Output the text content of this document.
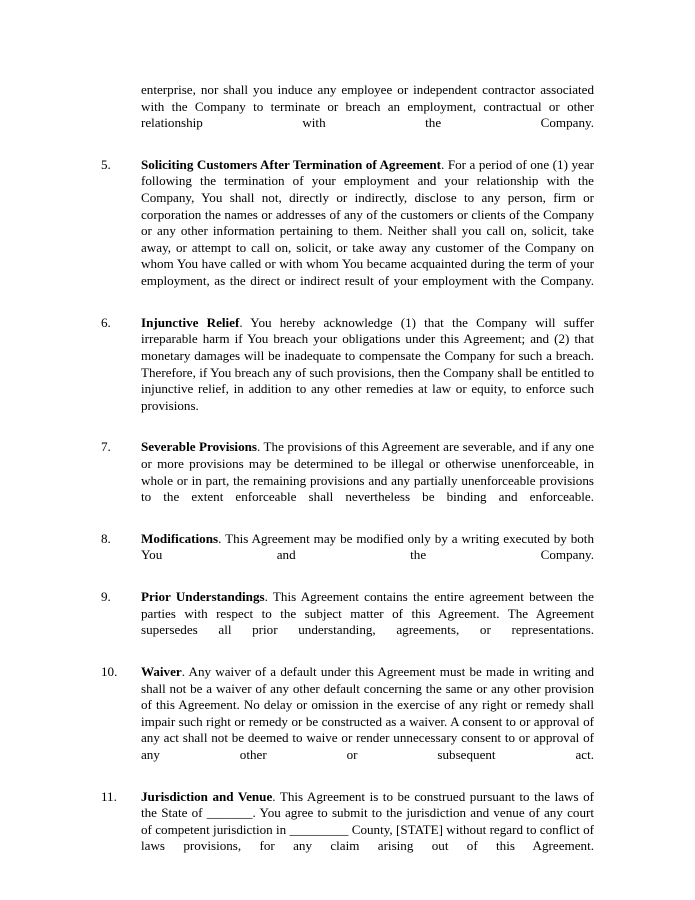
enterprise, nor shall you induce any employee or independent contractor associated with the Company to terminate or breach an employment, contractual or other relationship with the Company.

5.	Soliciting Customers After Termination of Agreement. For a period of one (1) year following the termination of your employment and your relationship with the Company, You shall not, directly or indirectly, disclose to any person, firm or corporation the names or addresses of any of the customers or clients of the Company or any other information pertaining to them. Neither shall you call on, solicit, take away, or attempt to call on, solicit, or take away any customer of the Company on whom You have called or with whom You became acquainted during the term of your employment, as the direct or indirect result of your employment with the Company.
6.	Injunctive Relief. You hereby acknowledge (1) that the Company will suffer irreparable harm if You breach your obligations under this Agreement; and (2) that monetary damages will be inadequate to compensate the Company for such a breach. Therefore, if You breach any of such provisions, then the Company shall be entitled to injunctive relief, in addition to any other remedies at law or equity, to enforce such provisions.
7.	Severable Provisions. The provisions of this Agreement are severable, and if any one or more provisions may be determined to be illegal or otherwise unenforceable, in whole or in part, the remaining provisions and any partially unenforceable provisions to the extent enforceable shall nevertheless be binding and enforceable.
8.	Modifications. This Agreement may be modified only by a writing executed by both You and the Company.
9.	Prior Understandings. This Agreement contains the entire agreement between the parties with respect to the subject matter of this Agreement. The Agreement supersedes all prior understanding, agreements, or representations.
10.	Waiver. Any waiver of a default under this Agreement must be made in writing and shall not be a waiver of any other default concerning the same or any other provision of this Agreement. No delay or omission in the exercise of any right or remedy shall impair such right or remedy or be constructed as a waiver. A consent to or approval of any act shall not be deemed to waive or render unnecessary consent to or approval of any other or subsequent act.
11.	Jurisdiction and Venue. This Agreement is to be construed pursuant to the laws of the State of _______. You agree to submit to the jurisdiction and venue of any court of competent jurisdiction in _________ County, [STATE] without regard to conflict of laws provisions, for any claim arising out of this Agreement.
